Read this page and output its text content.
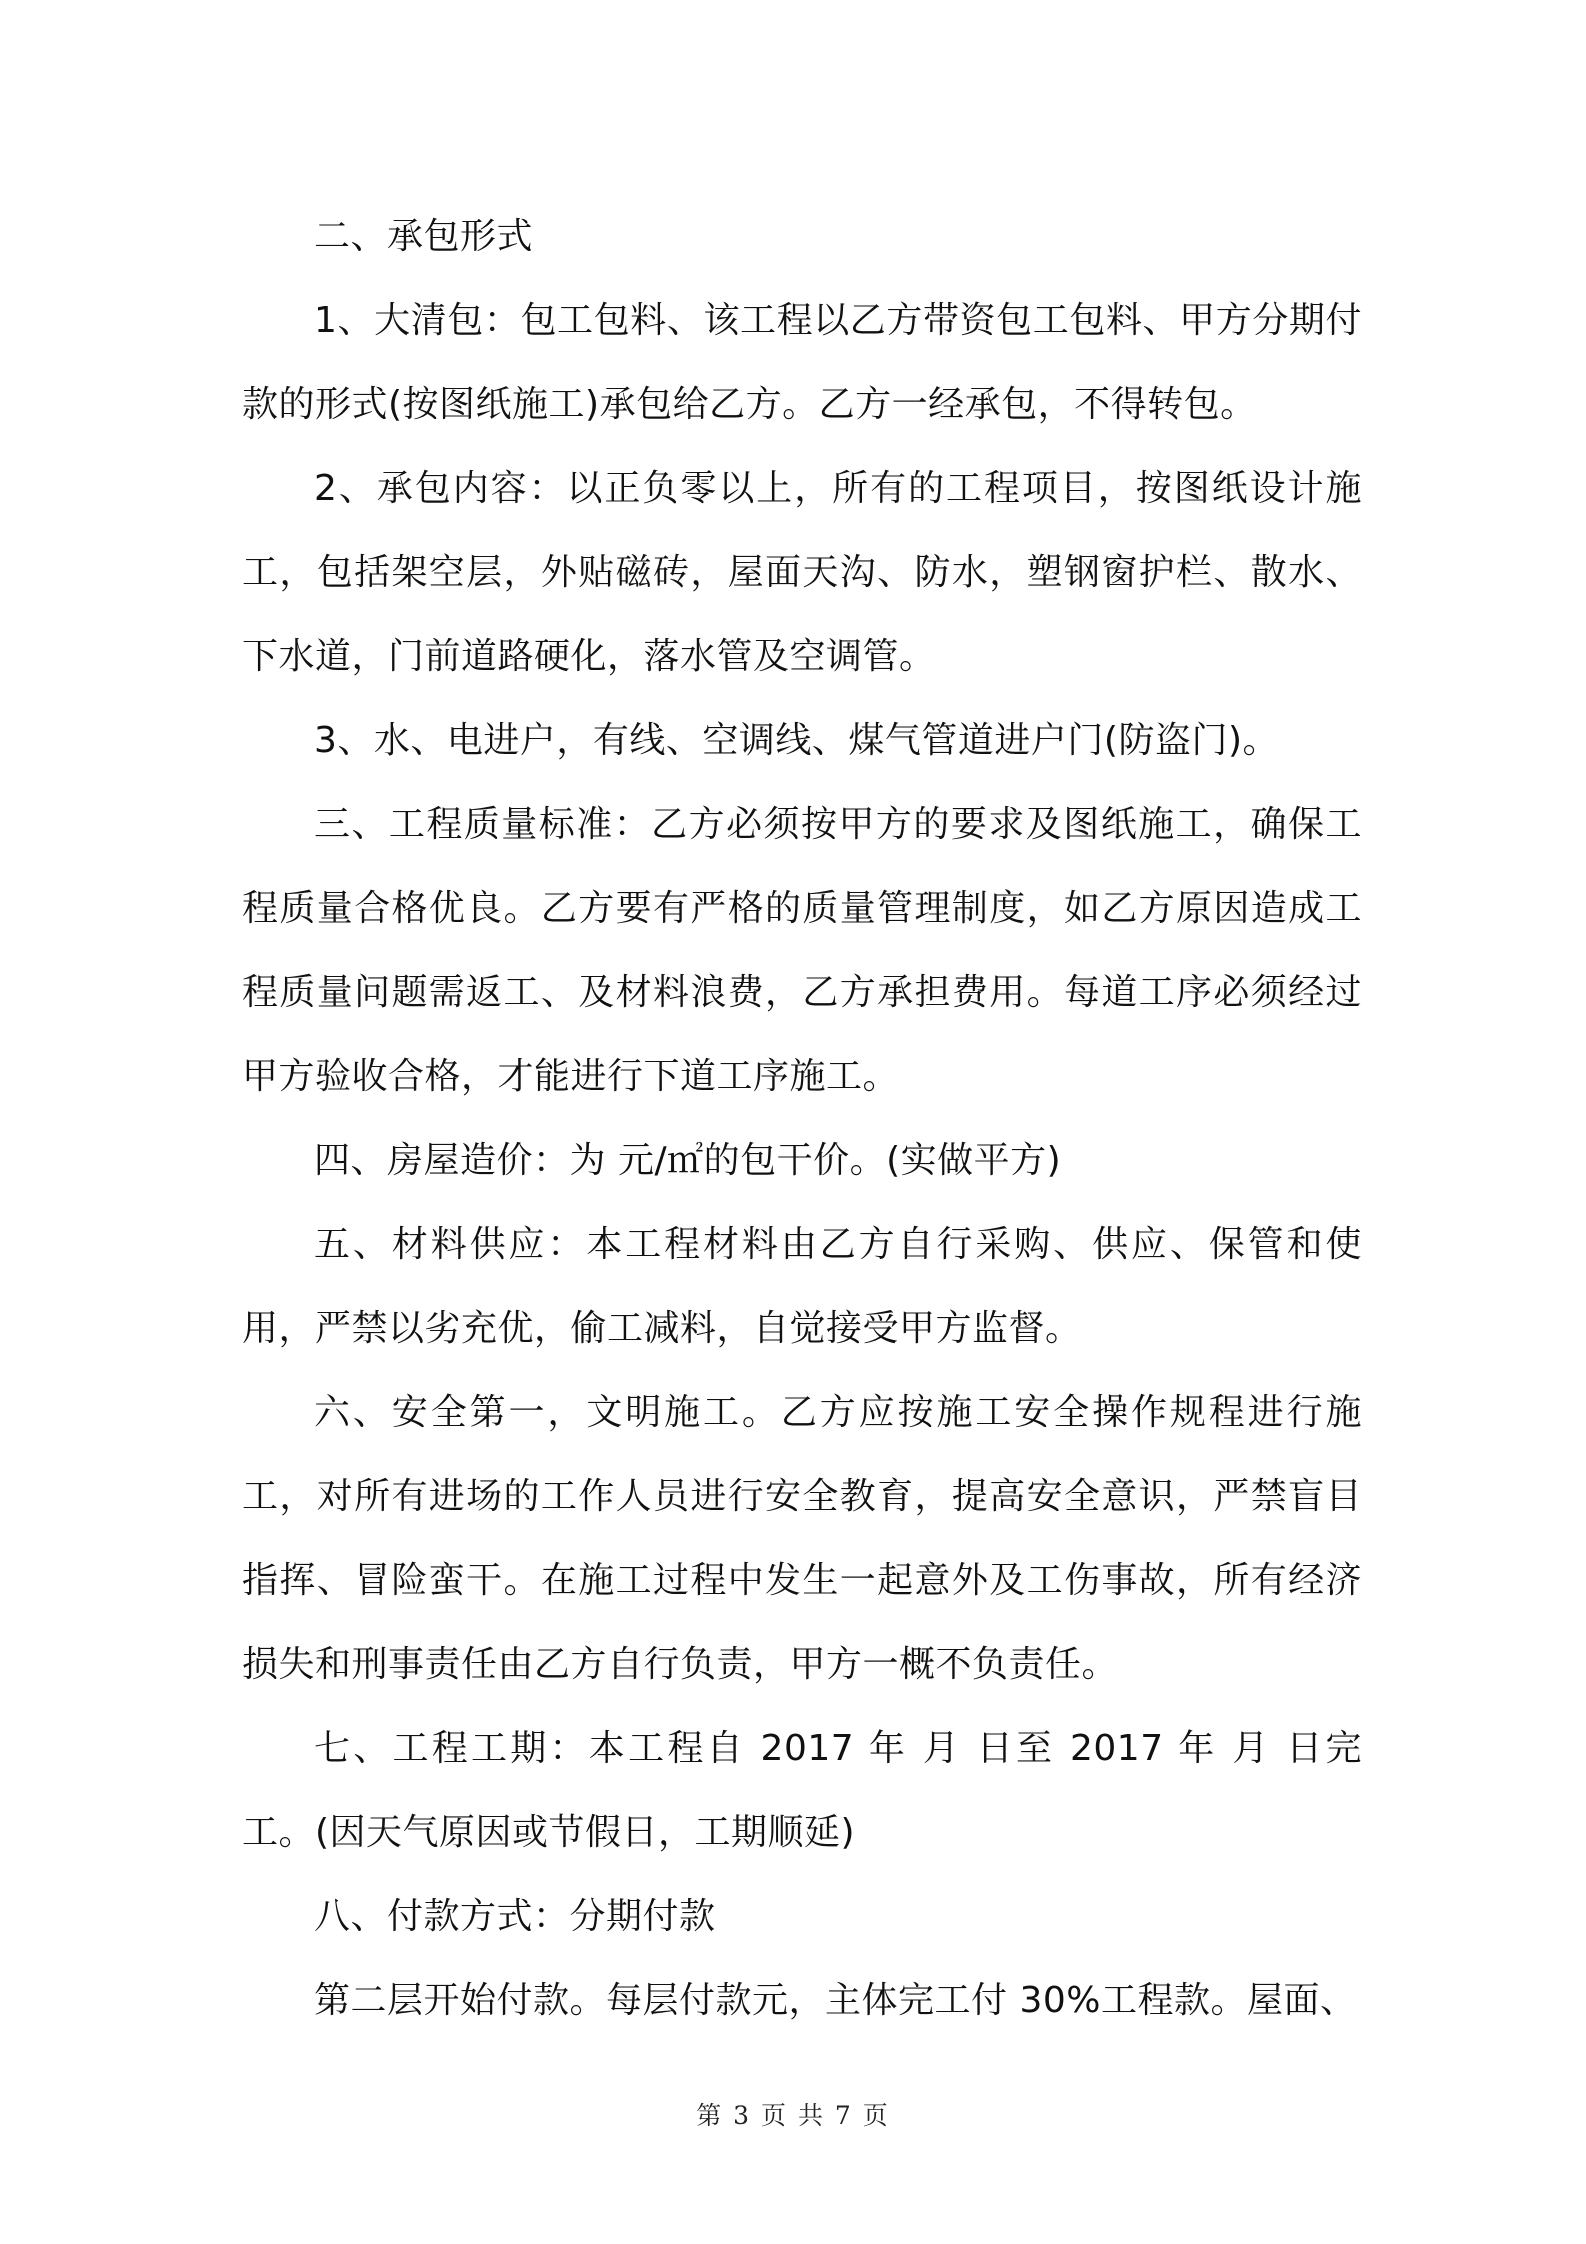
二、承包形式

1、大清包：包工包料、该工程以乙方带资包工包料、甲方分期付款的形式(按图纸施工)承包给乙方。乙方一经承包，不得转包。

2、承包内容：以正负零以上，所有的工程项目，按图纸设计施工，包括架空层，外贴磁砖，屋面天沟、防水，塑钢窗护栏、散水、下水道，门前道路硬化，落水管及空调管。

3、水、电进户，有线、空调线、煤气管道进户门(防盗门)。

三、工程质量标准：乙方必须按甲方的要求及图纸施工，确保工程质量合格优良。乙方要有严格的质量管理制度，如乙方原因造成工程质量问题需返工、及材料浪费，乙方承担费用。每道工序必须经过甲方验收合格，才能进行下道工序施工。

四、房屋造价：为 元/㎡的包干价。(实做平方)

五、材料供应：本工程材料由乙方自行采购、供应、保管和使用，严禁以劣充优，偷工减料，自觉接受甲方监督。

六、安全第一，文明施工。乙方应按施工安全操作规程进行施工，对所有进场的工作人员进行安全教育，提高安全意识，严禁盲目指挥、冒险蛮干。在施工过程中发生一起意外及工伤事故，所有经济损失和刑事责任由乙方自行负责，甲方一概不负责任。

七、工程工期：本工程自 2017 年 月 日至 2017 年 月 日完工。(因天气原因或节假日，工期顺延)

八、付款方式：分期付款

第二层开始付款。每层付款元，主体完工付 30%工程款。屋面、

第 3 页 共 7 页
